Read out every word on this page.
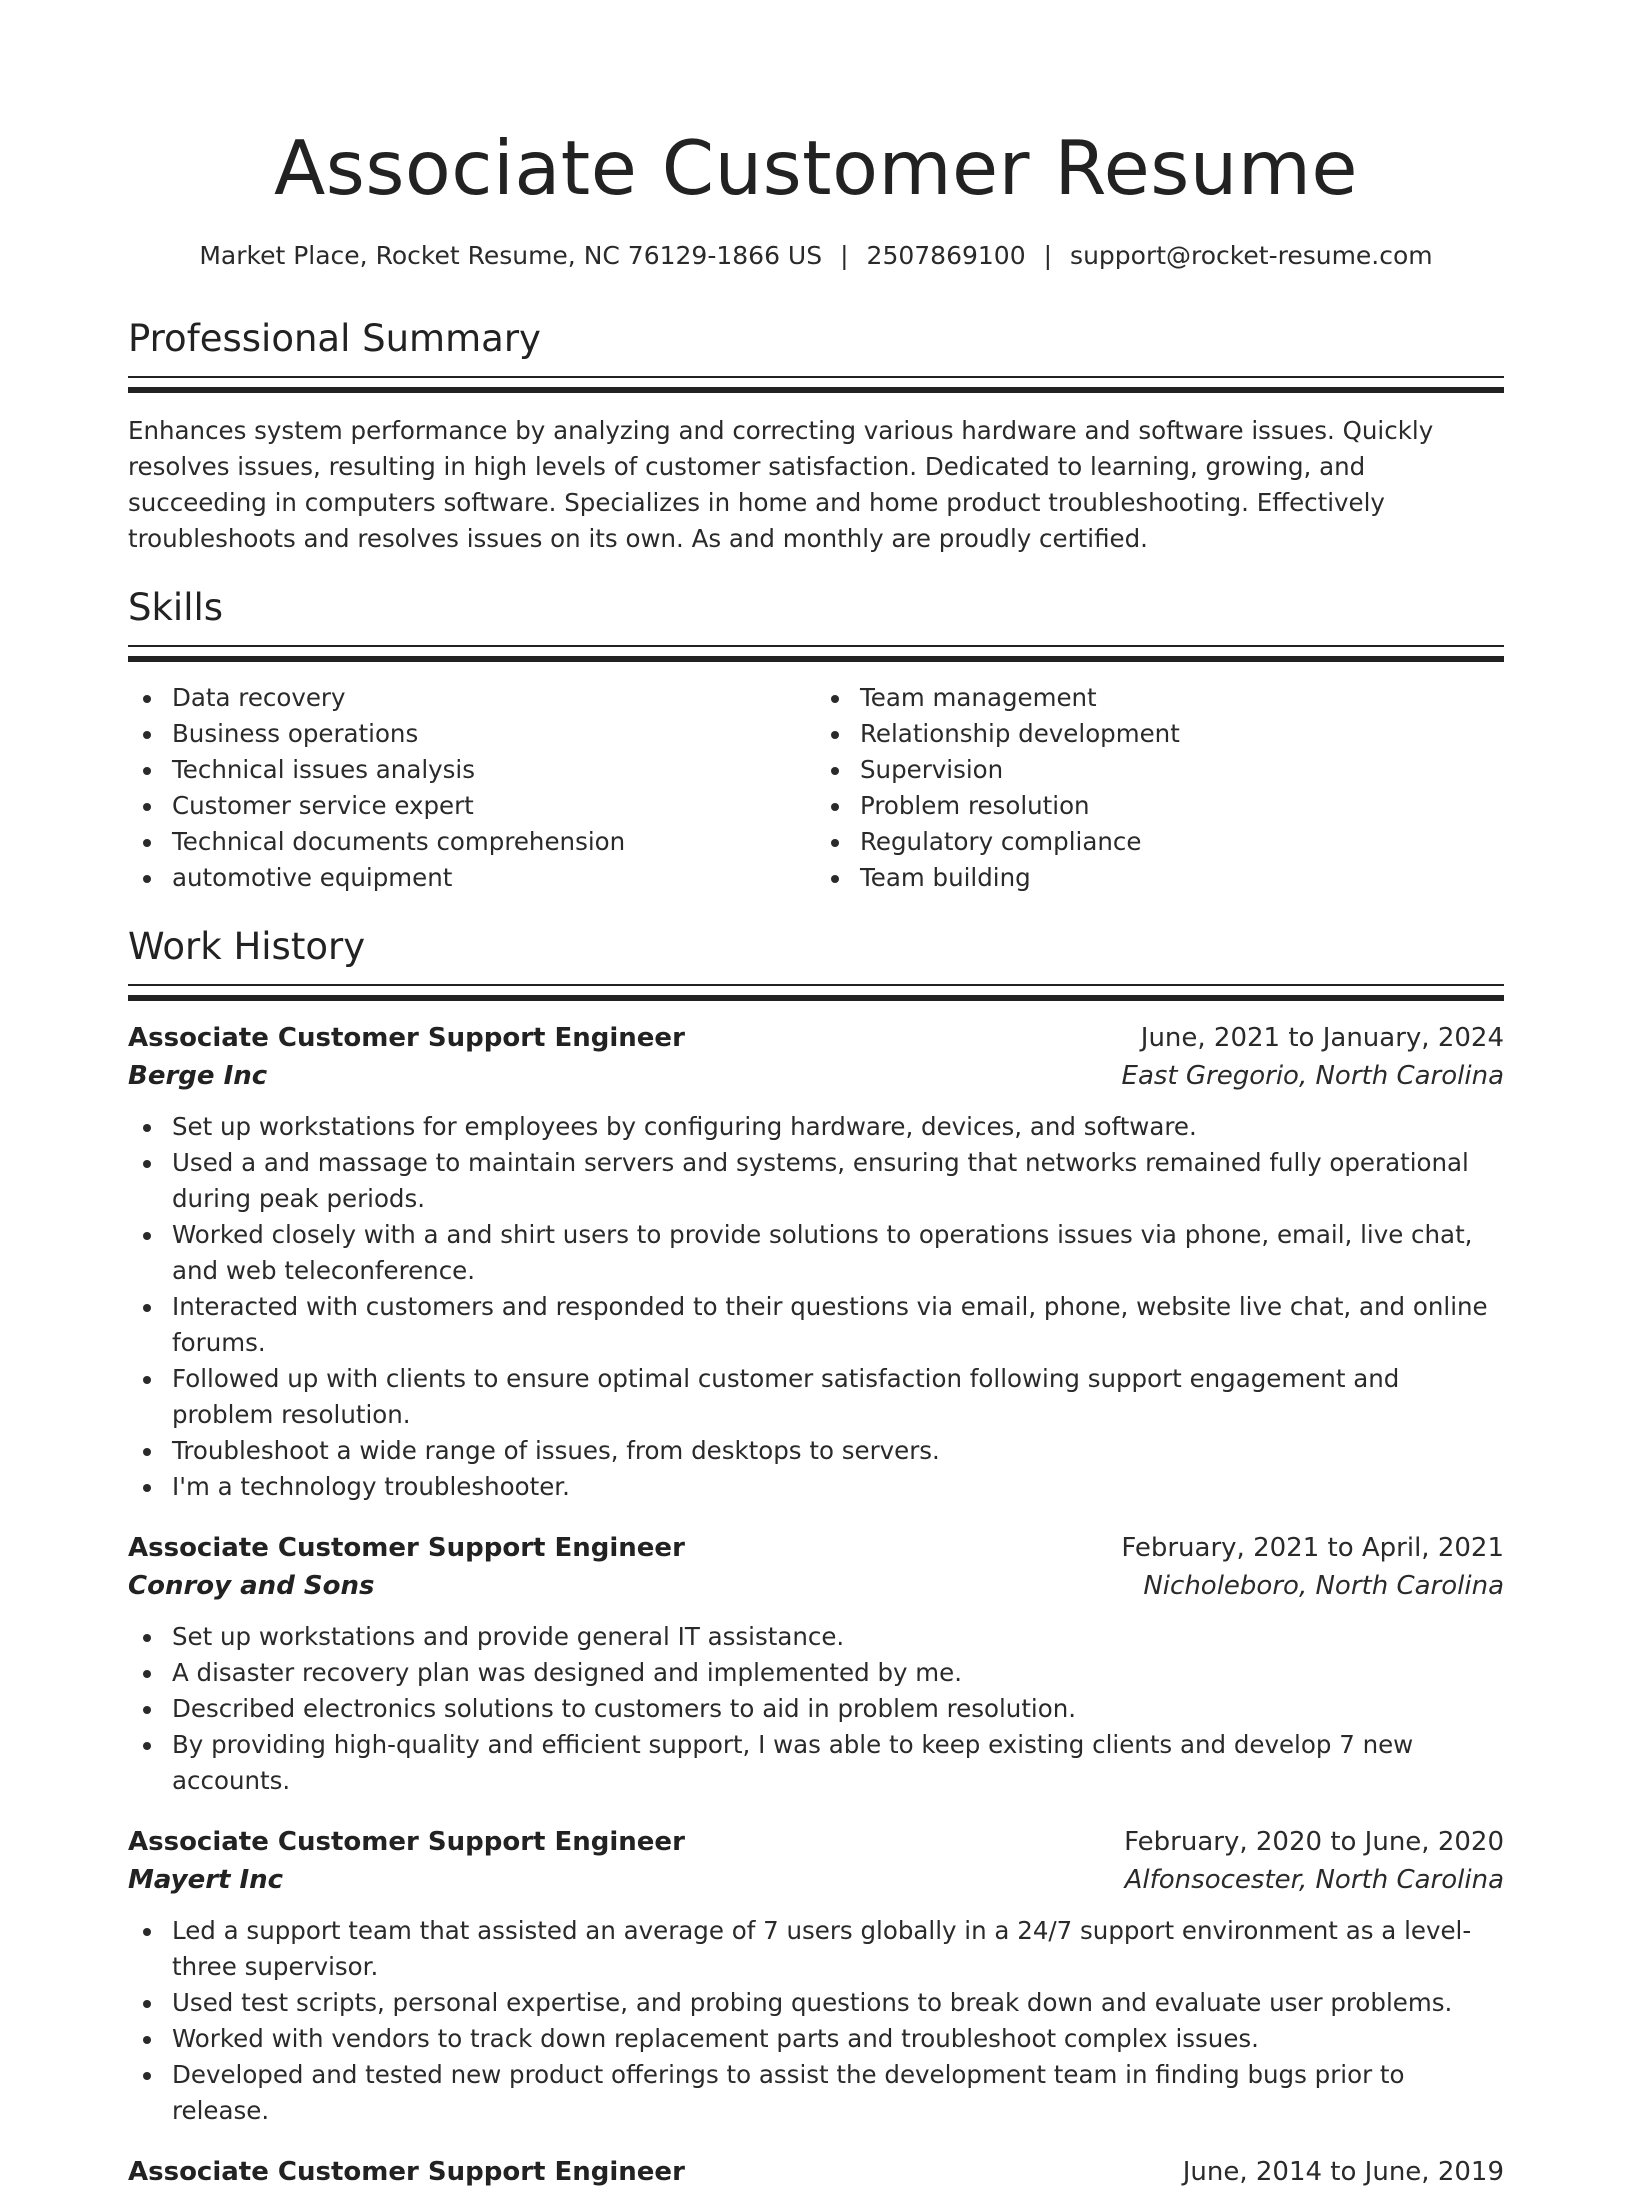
Associate Customer Resume
Market Place, Rocket Resume, NC 76129-1866 US | 2507869100 | support@rocket-resume.com
Professional Summary

Enhances system performance by analyzing and correcting various hardware and software issues. Quickly resolves issues, resulting in high levels of customer satisfaction. Dedicated to learning, growing, and succeeding in computers software. Specializes in home and home product troubleshooting. Effectively troubleshoots and resolves issues on its own. As and monthly are proudly certified.

Skills
Data recovery
Business operations
Technical issues analysis
Customer service expert
Technical documents comprehension
automotive equipment
Team management
Relationship development
Supervision
Problem resolution
Regulatory compliance
Team building
Work History
Associate Customer Support Engineer	June, 2021 to January, 2024
Berge Inc	East Gregorio, North Carolina
Set up workstations for employees by configuring hardware, devices, and software.
Used a and massage to maintain servers and systems, ensuring that networks remained fully operational during peak periods.
Worked closely with a and shirt users to provide solutions to operations issues via phone, email, live chat, and web teleconference.
Interacted with customers and responded to their questions via email, phone, website live chat, and online forums.
Followed up with clients to ensure optimal customer satisfaction following support engagement and problem resolution.
Troubleshoot a wide range of issues, from desktops to servers.
I'm a technology troubleshooter.
Associate Customer Support Engineer	February, 2021 to April, 2021
Conroy and Sons	Nicholeboro, North Carolina
Set up workstations and provide general IT assistance.
A disaster recovery plan was designed and implemented by me.
Described electronics solutions to customers to aid in problem resolution.
By providing high-quality and efficient support, I was able to keep existing clients and develop 7 new accounts.
Associate Customer Support Engineer	February, 2020 to June, 2020
Mayert Inc	Alfonsocester, North Carolina
Led a support team that assisted an average of 7 users globally in a 24/7 support environment as a level-three supervisor.
Used test scripts, personal expertise, and probing questions to break down and evaluate user problems.
Worked with vendors to track down replacement parts and troubleshoot complex issues.
Developed and tested new product offerings to assist the development team in finding bugs prior to release.
Associate Customer Support Engineer	June, 2014 to June, 2019
